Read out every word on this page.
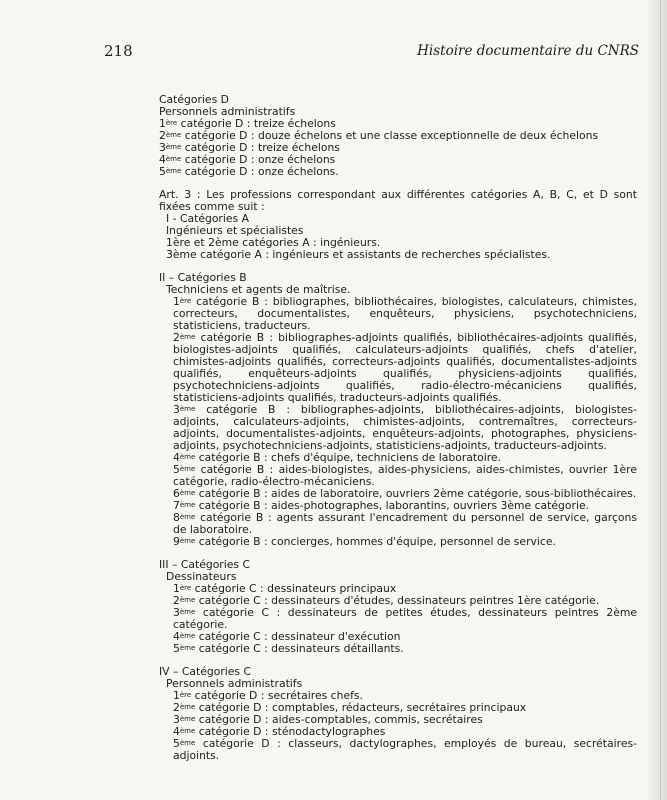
218	Histoire documentaire du CNRS
Catégories D
Personnels administratifs
1ère catégorie D : treize échelons
2ème catégorie D : douze échelons et une classe exceptionnelle de deux échelons
3ème catégorie D : treize échelons
4ème catégorie D : onze échelons
5ème catégorie D : onze échelons.
Art. 3 : Les professions correspondant aux différentes catégories A, B, C, et D sont fixées comme suit :
I - Catégories A
Ingénieurs et spécialistes
1ère et 2ème catégories A : ingénieurs.
3ème catégorie A : ingénieurs et assistants de recherches spécialistes.
II – Catégories B
Techniciens et agents de maîtrise.
1ère catégorie B : bibliographes, bibliothécaires, biologistes, calculateurs, chimistes, correcteurs, documentalistes, enquêteurs, physiciens, psychotechniciens, statisticiens, traducteurs.
2ème catégorie B : bibliographes-adjoints qualifiés, bibliothécaires-adjoints qualifiés, biologistes-adjoints qualifiés, calculateurs-adjoints qualifiés, chefs d'atelier, chimistes-adjoints qualifiés, correcteurs-adjoints qualifiés, documentalistes-adjoints qualifiés, enquêteurs-adjoints qualifiés, physiciens-adjoints qualifiés, psychotechniciens-adjoints qualifiés, radio-électro-mécaniciens qualifiés, statisticiens-adjoints qualifiés, traducteurs-adjoints qualifiés.
3ème catégorie B : bibliographes-adjoints, bibliothécaires-adjoints, biologistes-adjoints, calculateurs-adjoints, chimistes-adjoints, contremaîtres, correcteurs-adjoints, documentalistes-adjoints, enquêteurs-adjoints, photographes, physiciens-adjoints, psychotechniciens-adjoints, statisticiens-adjoints, traducteurs-adjoints.
4ème catégorie B : chefs d'équipe, techniciens de laboratoire.
5ème catégorie B : aides-biologistes, aides-physiciens, aides-chimistes, ouvrier 1ère catégorie, radio-électro-mécaniciens.
6ème catégorie B : aides de laboratoire, ouvriers 2ème catégorie, sous-bibliothécaires.
7ème catégorie B : aides-photographes, laborantins, ouvriers 3ème catégorie.
8ème catégorie B : agents assurant l'encadrement du personnel de service, garçons de laboratoire.
9ème catégorie B : concierges, hommes d'équipe, personnel de service.
III – Catégories C
Dessinateurs
1ère catégorie C : dessinateurs principaux
2ème catégorie C : dessinateurs d'études, dessinateurs peintres 1ère catégorie.
3ème catégorie C : dessinateurs de petites études, dessinateurs peintres 2ème catégorie.
4ème catégorie C : dessinateur d'exécution
5ème catégorie C : dessinateurs détaillants.
IV – Catégories C
Personnels administratifs
1ère catégorie D : secrétaires chefs.
2ème catégorie D : comptables, rédacteurs, secrétaires principaux
3ème catégorie D : aides-comptables, commis, secrétaires
4ème catégorie D : sténodactylographes
5ème catégorie D : classeurs, dactylographes, employés de bureau, secrétaires-adjoints.
